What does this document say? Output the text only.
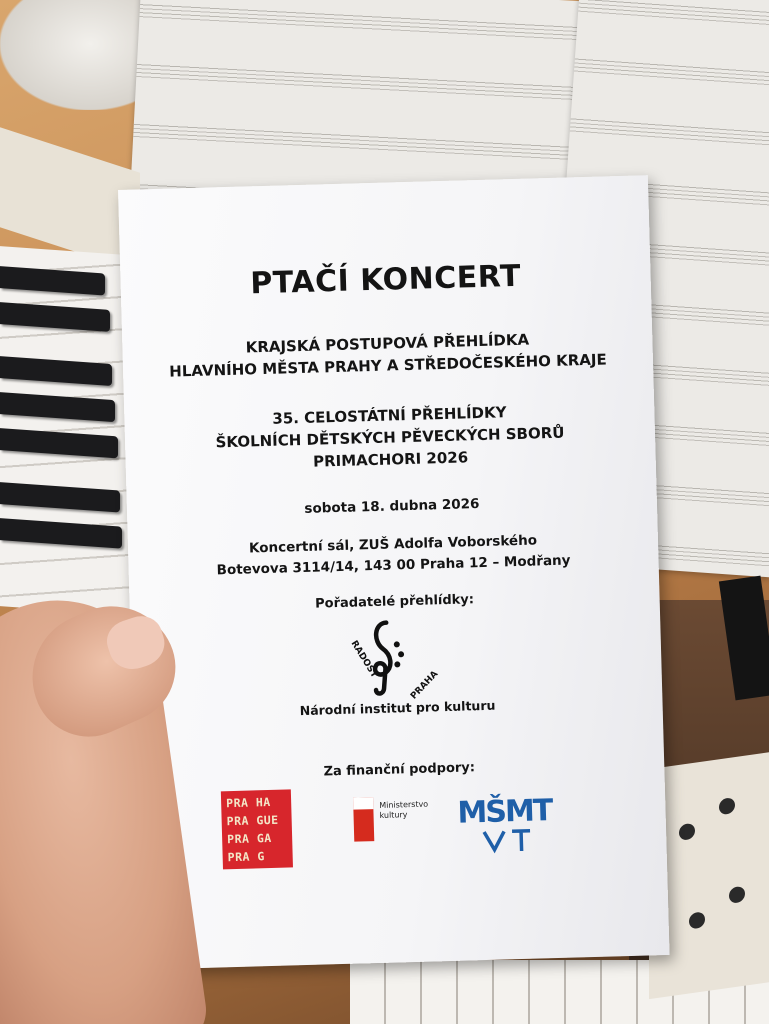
PTAČÍ KONCERT
KRAJSKÁ POSTUPOVÁ PŘEHLÍDKA
HLAVNÍHO MĚSTA PRAHY A STŘEDOČESKÉHO KRAJE
35. CELOSTÁTNÍ PŘEHLÍDKY
ŠKOLNÍCH DĚTSKÝCH PĚVECKÝCH SBORŮ
PRIMACHORI 2026
sobota 18. dubna 2026
Koncertní sál, ZUŠ Adolfa Voborského
Botevova 3114/14, 143 00 Praha 12 – Modřany
Pořadatelé přehlídky:
RADOST
PRAHA
Národní institut pro kulturu
Za finanční podpory:
PRA HA
PRA GUE
PRA GA
PRA G
Ministerstvo
kultury	MŠMT
